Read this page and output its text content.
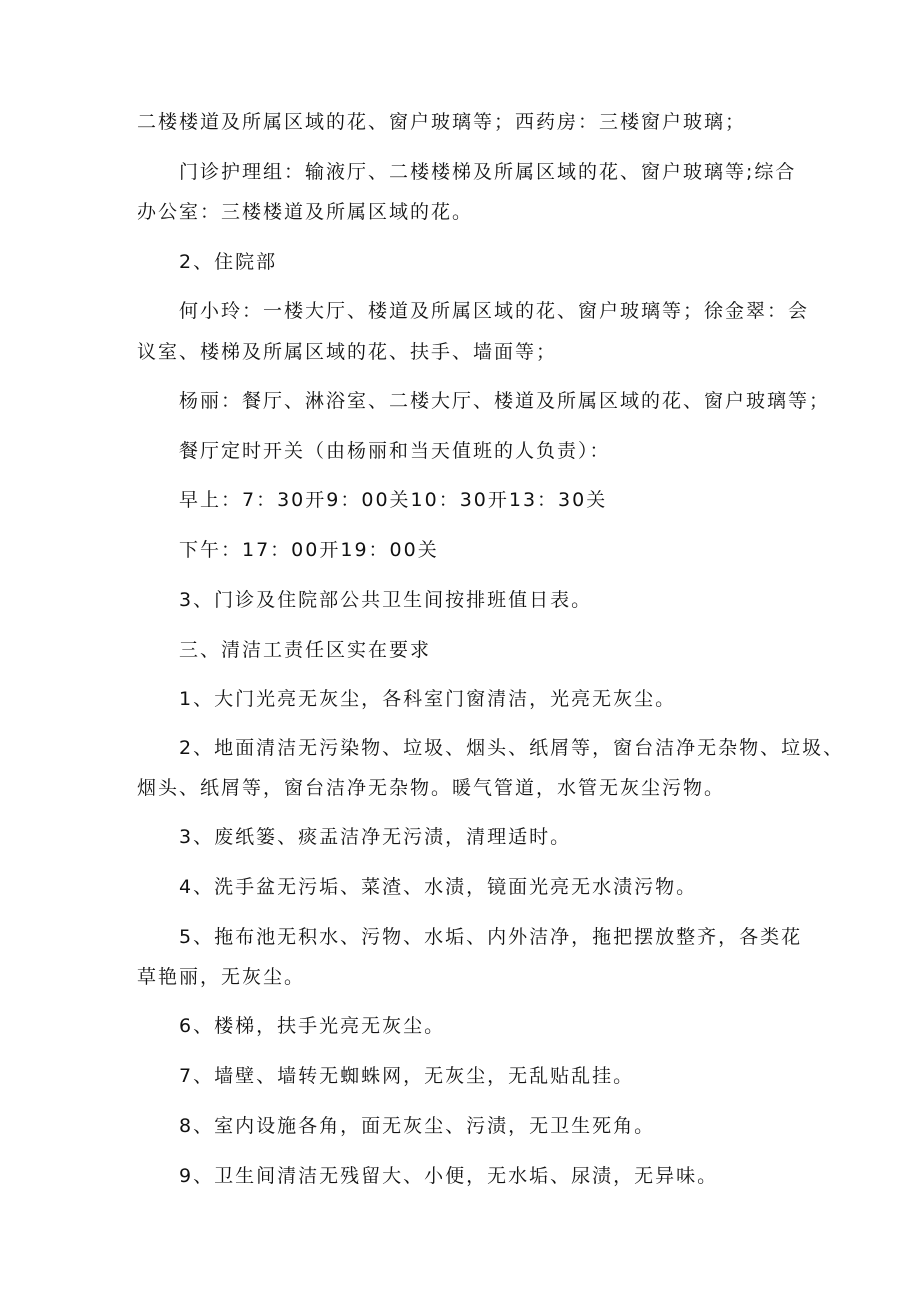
二楼楼道及所属区域的花、窗户玻璃等；西药房：三楼窗户玻璃；
门诊护理组：输液厅、二楼楼梯及所属区域的花、窗户玻璃等;综合
办公室：三楼楼道及所属区域的花。
2、住院部
何小玲：一楼大厅、楼道及所属区域的花、窗户玻璃等；徐金翠：会
议室、楼梯及所属区域的花、扶手、墙面等；
杨丽：餐厅、淋浴室、二楼大厅、楼道及所属区域的花、窗户玻璃等；
餐厅定时开关（由杨丽和当天值班的人负责）：
早上：7：30开9：00关10：30开13：30关
下午：17：00开19：00关
3、门诊及住院部公共卫生间按排班值日表。
三、清洁工责任区实在要求
1、大门光亮无灰尘，各科室门窗清洁，光亮无灰尘。
2、地面清洁无污染物、垃圾、烟头、纸屑等，窗台洁净无杂物、垃圾、
烟头、纸屑等，窗台洁净无杂物。暖气管道，水管无灰尘污物。
3、废纸篓、痰盂洁净无污渍，清理适时。
4、洗手盆无污垢、菜渣、水渍，镜面光亮无水渍污物。
5、拖布池无积水、污物、水垢、内外洁净，拖把摆放整齐，各类花
草艳丽，无灰尘。
6、楼梯，扶手光亮无灰尘。
7、墙壁、墙转无蜘蛛网，无灰尘，无乱贴乱挂。
8、室内设施各角，面无灰尘、污渍，无卫生死角。
9、卫生间清洁无残留大、小便，无水垢、尿渍，无异味。
